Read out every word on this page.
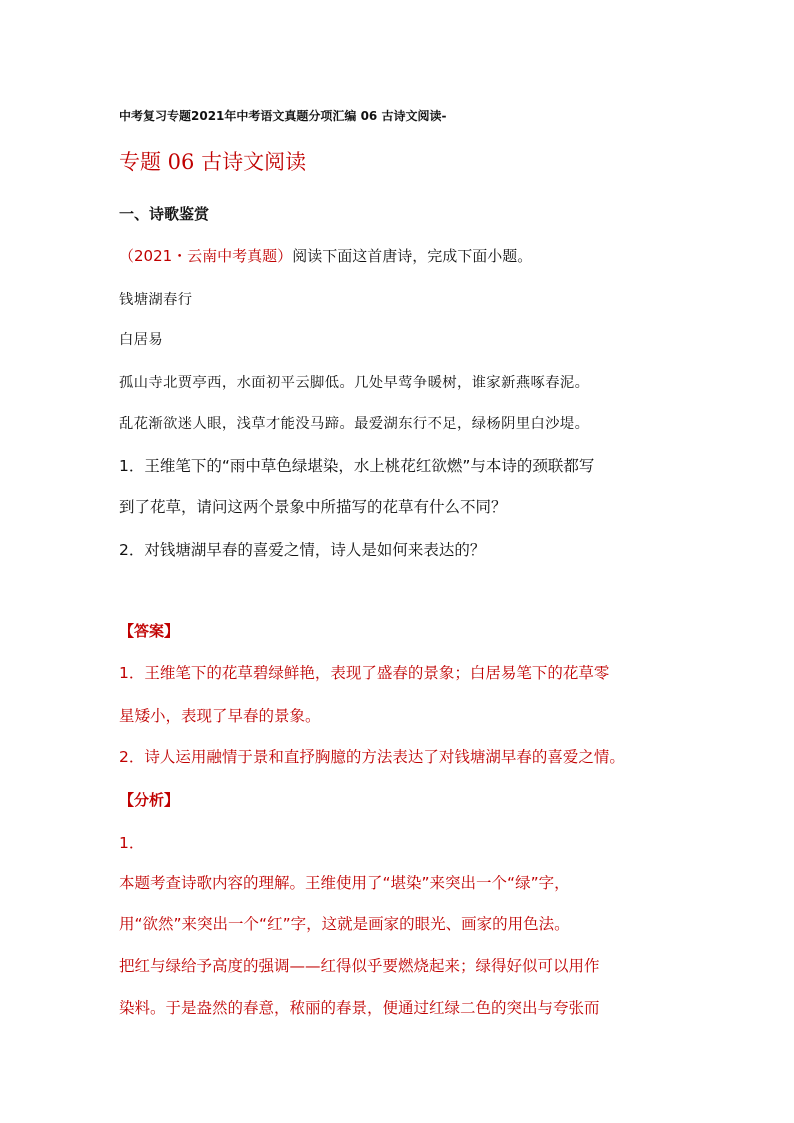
中考复习专题2021年中考语文真题分项汇编 06 古诗文阅读-

专题 06 古诗文阅读
一、诗歌鉴赏

（2021・云南中考真题）阅读下面这首唐诗，完成下面小题。

钱塘湖春行

白居易

孤山寺北贾亭西，水面初平云脚低。几处早莺争暖树，谁家新燕啄春泥。

乱花渐欲迷人眼，浅草才能没马蹄。最爱湖东行不足，绿杨阴里白沙堤。

1．王维笔下的“雨中草色绿堪染，水上桃花红欲燃”与本诗的颈联都写

到了花草，请问这两个景象中所描写的花草有什么不同？

2．对钱塘湖早春的喜爱之情，诗人是如何来表达的？

【答案】

1．王维笔下的花草碧绿鲜艳，表现了盛春的景象；白居易笔下的花草零

星矮小，表现了早春的景象。

2．诗人运用融情于景和直抒胸臆的方法表达了对钱塘湖早春的喜爱之情。

【分析】

1．

本题考查诗歌内容的理解。王维使用了“堪染”来突出一个“绿”字，

用“欲然”来突出一个“红”字，这就是画家的眼光、画家的用色法。

把红与绿给予高度的强调——红得似乎要燃烧起来；绿得好似可以用作

染料。于是盎然的春意，秾丽的春景，便通过红绿二色的突出与夸张而
